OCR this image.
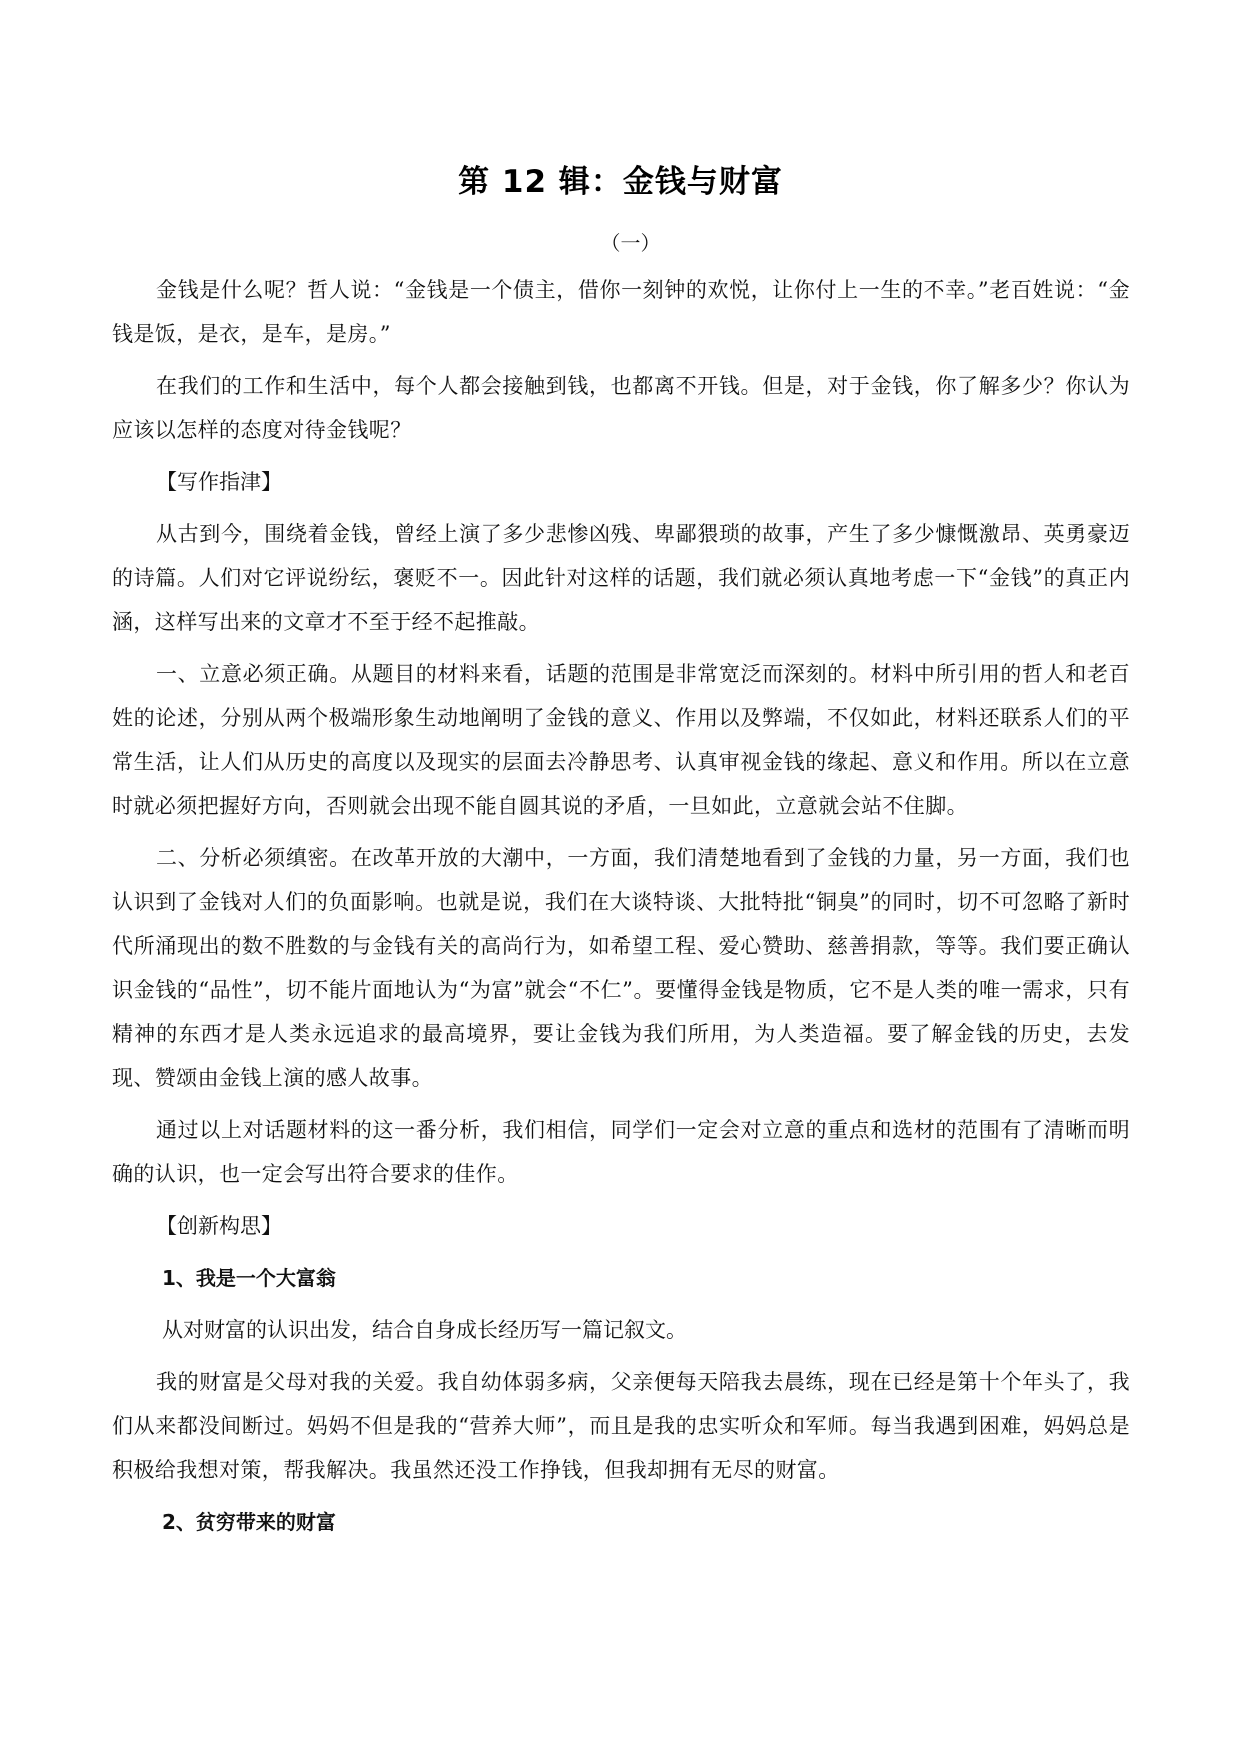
第 12 辑：金钱与财富
（一）

金钱是什么呢？哲人说：“金钱是一个债主，借你一刻钟的欢悦，让你付上一生的不幸。”老百姓说：“金钱是饭，是衣，是车，是房。”

在我们的工作和生活中，每个人都会接触到钱，也都离不开钱。但是，对于金钱，你了解多少？你认为应该以怎样的态度对待金钱呢？

【写作指津】

从古到今，围绕着金钱，曾经上演了多少悲惨凶残、卑鄙猥琐的故事，产生了多少慷慨激昂、英勇豪迈的诗篇。人们对它评说纷纭，褒贬不一。因此针对这样的话题，我们就必须认真地考虑一下“金钱”的真正内涵，这样写出来的文章才不至于经不起推敲。

一、立意必须正确。从题目的材料来看，话题的范围是非常宽泛而深刻的。材料中所引用的哲人和老百姓的论述，分别从两个极端形象生动地阐明了金钱的意义、作用以及弊端，不仅如此，材料还联系人们的平常生活，让人们从历史的高度以及现实的层面去冷静思考、认真审视金钱的缘起、意义和作用。所以在立意时就必须把握好方向，否则就会出现不能自圆其说的矛盾，一旦如此，立意就会站不住脚。

二、分析必须缜密。在改革开放的大潮中，一方面，我们清楚地看到了金钱的力量，另一方面，我们也认识到了金钱对人们的负面影响。也就是说，我们在大谈特谈、大批特批“铜臭”的同时，切不可忽略了新时代所涌现出的数不胜数的与金钱有关的高尚行为，如希望工程、爱心赞助、慈善捐款，等等。我们要正确认识金钱的“品性”，切不能片面地认为“为富”就会“不仁”。要懂得金钱是物质，它不是人类的唯一需求，只有精神的东西才是人类永远追求的最高境界，要让金钱为我们所用，为人类造福。要了解金钱的历史，去发现、赞颂由金钱上演的感人故事。

通过以上对话题材料的这一番分析，我们相信，同学们一定会对立意的重点和选材的范围有了清晰而明确的认识，也一定会写出符合要求的佳作。

【创新构思】
1、我是一个大富翁
从对财富的认识出发，结合自身成长经历写一篇记叙文。

我的财富是父母对我的关爱。我自幼体弱多病，父亲便每天陪我去晨练，现在已经是第十个年头了，我们从来都没间断过。妈妈不但是我的“营养大师”，而且是我的忠实听众和军师。每当我遇到困难，妈妈总是积极给我想对策，帮我解决。我虽然还没工作挣钱，但我却拥有无尽的财富。

2、贫穷带来的财富
